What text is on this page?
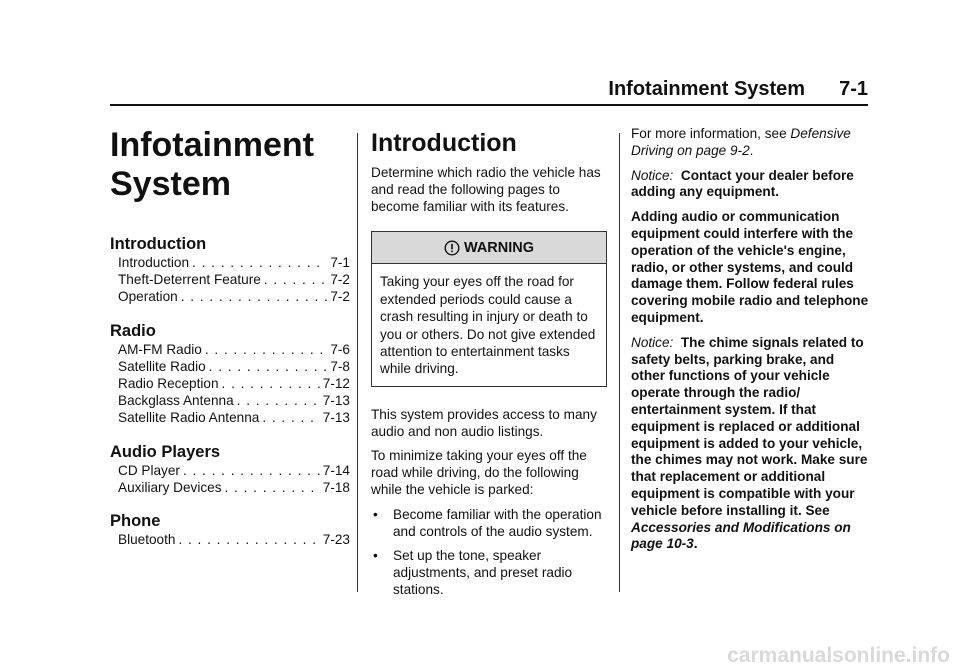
Infotainment System 7-1
Infotainment
System
Introduction
Introduction . . .	7-1
Theft-Deterrent Feature . . .	7-2
Operation . . .	7-2
Radio
AM-FM Radio . . .	7-6
Satellite Radio . . .	7-8
Radio Reception . . .	7-12
Backglass Antenna . . .	7-13
Satellite Radio Antenna . . .	7-13
Audio Players
CD Player . . .	7-14
Auxiliary Devices . . .	7-18
Phone
Bluetooth . . .	7-23
Introduction

Determine which radio the vehicle has and read the following pages to become familiar with its features.

WARNING
Taking your eyes off the road for extended periods could cause a crash resulting in injury or death to you or others. Do not give extended attention to entertainment tasks while driving.

This system provides access to many audio and non audio listings.

To minimize taking your eyes off the road while driving, do the following while the vehicle is parked:

• Become familiar with the operation and controls of the audio system.
• Set up the tone, speaker adjustments, and preset radio stations.

For more information, see Defensive Driving on page 9-2.

Notice: Contact your dealer before adding any equipment.

Adding audio or communication equipment could interfere with the operation of the vehicle's engine, radio, or other systems, and could damage them. Follow federal rules covering mobile radio and telephone equipment.

Notice: The chime signals related to safety belts, parking brake, and other functions of your vehicle operate through the radio/ entertainment system. If that equipment is replaced or additional equipment is added to your vehicle, the chimes may not work. Make sure that replacement or additional equipment is compatible with your vehicle before installing it. See Accessories and Modifications on page 10-3.

carmanualsonline.info
